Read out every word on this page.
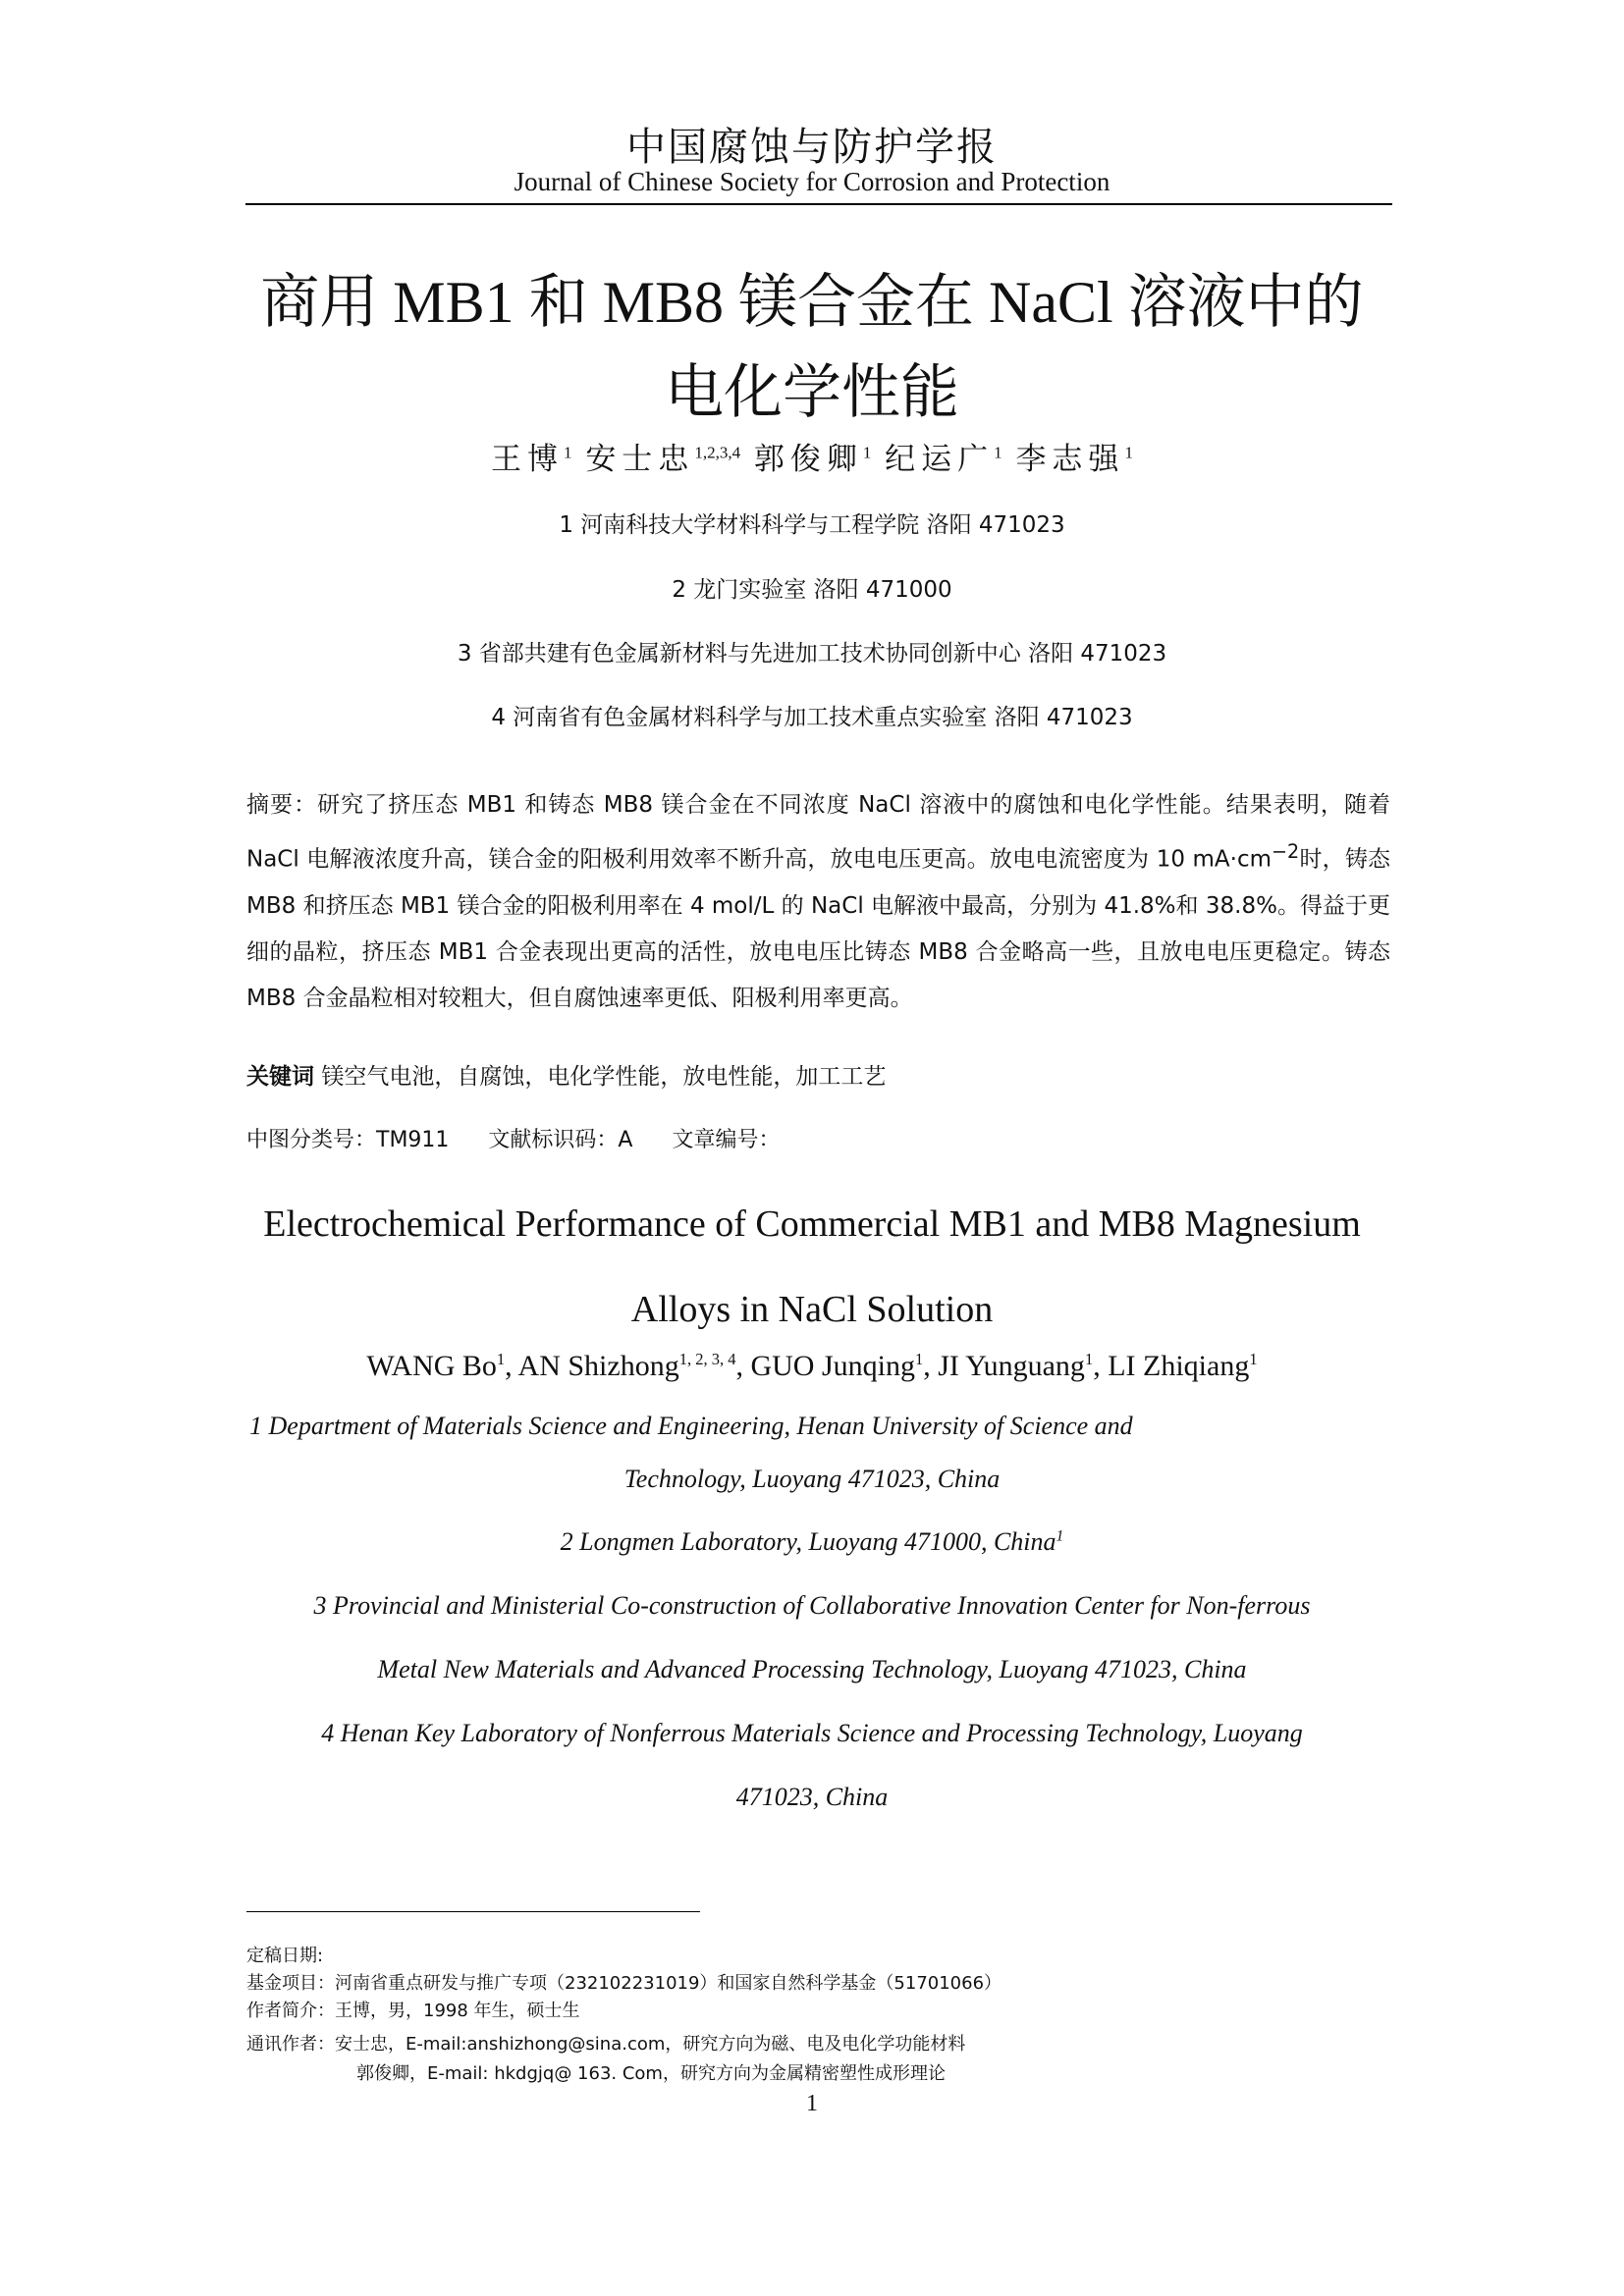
中国腐蚀与防护学报
Journal of Chinese Society for Corrosion and Protection
商用 MB1 和 MB8 镁合金在 NaCl 溶液中的
电化学性能
王博$^1$ 安士忠$^{1,2,3,4}$ 郭俊卿$^1$ 纪运广$^1$ 李志强$^1$
1 河南科技大学材料科学与工程学院 洛阳 471023
2 龙门实验室 洛阳 471000
3 省部共建有色金属新材料与先进加工技术协同创新中心 洛阳 471023
4 河南省有色金属材料科学与加工技术重点实验室 洛阳 471023
摘要：研究了挤压态 MB1 和铸态 MB8 镁合金在不同浓度 NaCl 溶液中的腐蚀和电化学性能。结果表明，随着 NaCl 电解液浓度升高，镁合金的阳极利用效率不断升高，放电电压更高。放电电流密度为 10 $mA\cdot cm^{-2}$时，铸态 MB8 和挤压态 MB1 镁合金的阳极利用率在 4 mol/L 的 NaCl 电解液中最高，分别为 41.8%和 38.8%。得益于更细的晶粒，挤压态 MB1 合金表现出更高的活性，放电电压比铸态 MB8 合金略高一些，且放电电压更稳定。铸态 MB8 合金晶粒相对较粗大，但自腐蚀速率更低、阳极利用率更高。
关键词 镁空气电池，自腐蚀，电化学性能，放电性能，加工工艺
中图分类号：TM911 文献标识码：A 文章编号：
Electrochemical Performance of Commercial MB1 and MB8 Magnesium
Alloys in NaCl Solution
WANG Bo$^1$, AN Shizhong$^{1, 2, 3, 4}$, GUO Junqing$^1$, JI Yunguang$^1$, LI Zhiqiang$^1$
1 Department of Materials Science and Engineering, Henan University of Science and
Technology, Luoyang 471023, China
2 Longmen Laboratory, Luoyang 471000, China$^1$
3 Provincial and Ministerial Co-construction of Collaborative Innovation Center for Non-ferrous
Metal New Materials and Advanced Processing Technology, Luoyang 471023, China
4 Henan Key Laboratory of Nonferrous Materials Science and Processing Technology, Luoyang
471023, China
定稿日期:
基金项目：河南省重点研发与推广专项（232102231019）和国家自然科学基金（51701066）
作者简介：王博，男，1998 年生，硕士生
通讯作者：安士忠，E-mail:anshizhong@sina.com，研究方向为磁、电及电化学功能材料
郭俊卿，E-mail: hkdgjq@ 163. Com，研究方向为金属精密塑性成形理论
1
